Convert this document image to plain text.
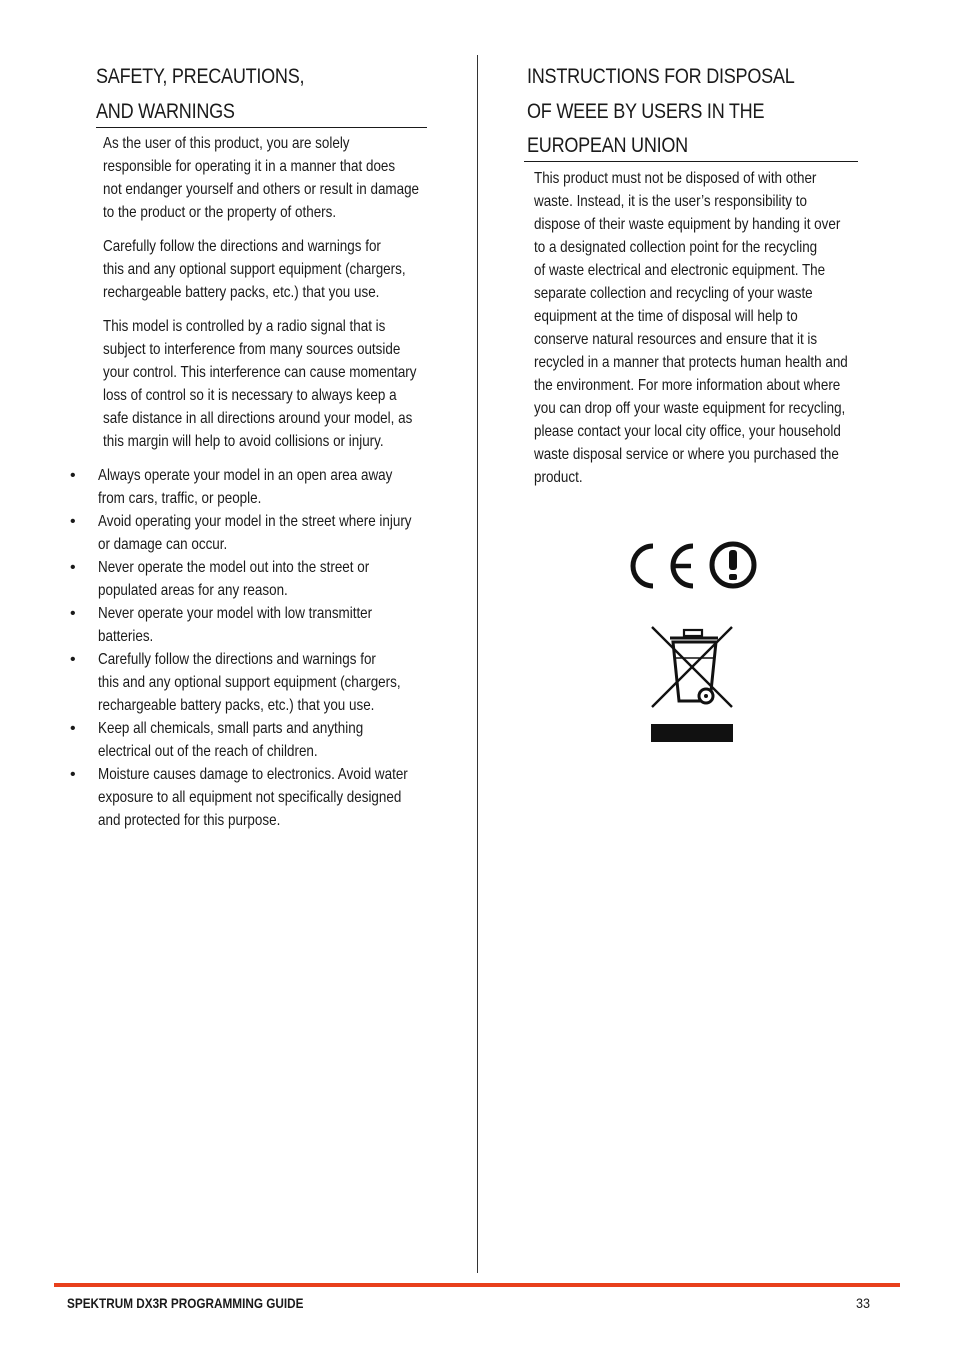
SAFETY, PRECAUTIONS,
AND WARNINGS

As the user of this product, you are solely
responsible for operating it in a manner that does
not endanger yourself and others or result in damage
to the product or the property of others.

Carefully follow the directions and warnings for
this and any optional support equipment (chargers,
rechargeable battery packs, etc.) that you use.

This model is controlled by a radio signal that is
subject to interference from many sources outside
your control. This interference can cause momentary
loss of control so it is necessary to always keep a
safe distance in all directions around your model, as
this margin will help to avoid collisions or injury.

• Always operate your model in an open area away
from cars, traffic, or people.
• Avoid operating your model in the street where injury
or damage can occur.
• Never operate the model out into the street or
populated areas for any reason.
• Never operate your model with low transmitter
batteries.
• Carefully follow the directions and warnings for
this and any optional support equipment (chargers,
rechargeable battery packs, etc.) that you use.
• Keep all chemicals, small parts and anything
electrical out of the reach of children.
• Moisture causes damage to electronics. Avoid water
exposure to all equipment not specifically designed
and protected for this purpose.
INSTRUCTIONS FOR DISPOSAL
OF WEEE BY USERS IN THE
EUROPEAN UNION

This product must not be disposed of with other
waste. Instead, it is the user’s responsibility to
dispose of their waste equipment by handing it over
to a designated collection point for the recycling
of waste electrical and electronic equipment. The
separate collection and recycling of your waste
equipment at the time of disposal will help to
conserve natural resources and ensure that it is
recycled in a manner that protects human health and
the environment. For more information about where
you can drop off your waste equipment for recycling,
please contact your local city office, your household
waste disposal service or where you purchased the
product.

SPEKTRUM DX3R PROGRAMMING GUIDE	33
